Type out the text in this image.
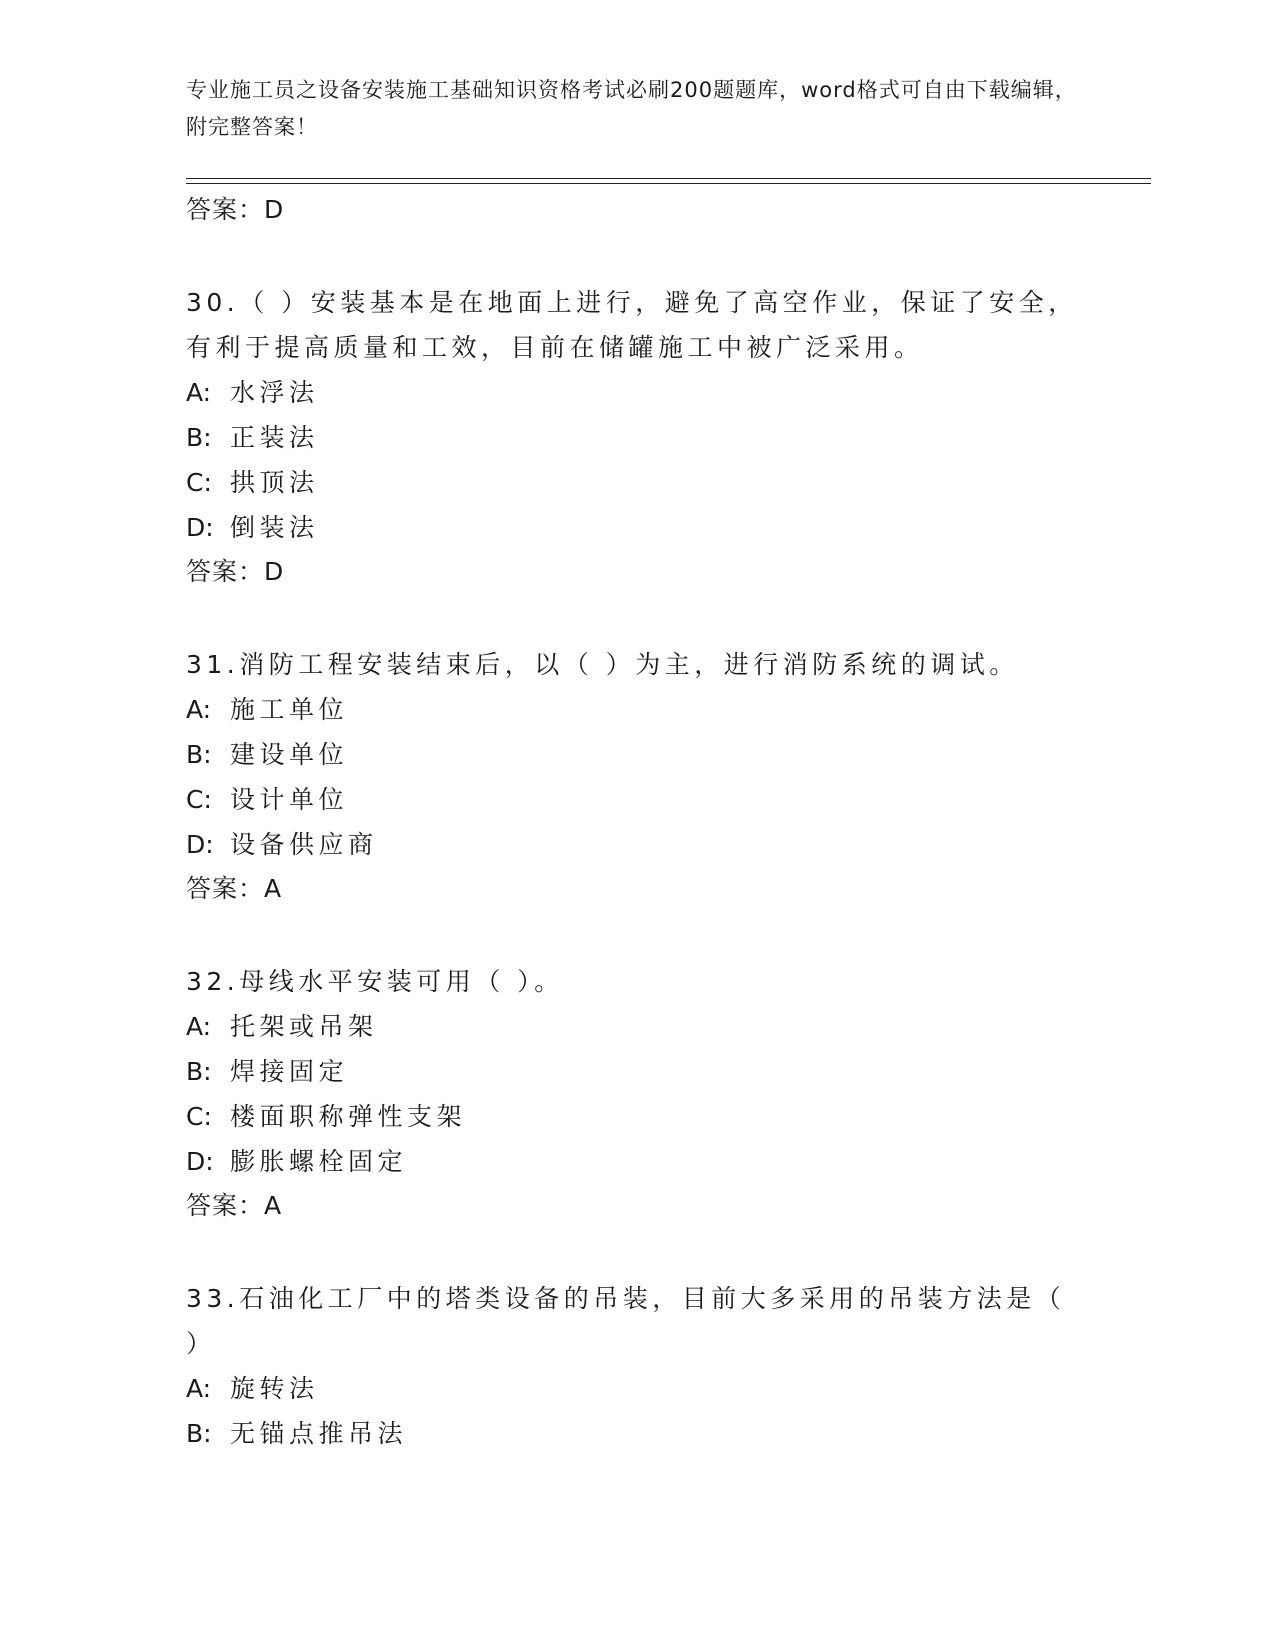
专业施工员之设备安装施工基础知识资格考试必刷200题题库，word格式可自由下载编辑，附完整答案！
答案：D
30.（ ）安装基本是在地面上进行，避免了高空作业，保证了安全，有利于提高质量和工效，目前在储罐施工中被广泛采用。
A: 水浮法
B: 正装法
C: 拱顶法
D: 倒装法
答案：D
31.消防工程安装结束后，以（ ）为主，进行消防系统的调试。
A: 施工单位
B: 建设单位
C: 设计单位
D: 设备供应商
答案：A
32.母线水平安装可用（ ）。
A: 托架或吊架
B: 焊接固定
C: 楼面职称弹性支架
D: 膨胀螺栓固定
答案：A
33.石油化工厂中的塔类设备的吊装，目前大多采用的吊装方法是（ ）
A: 旋转法
B: 无锚点推吊法
